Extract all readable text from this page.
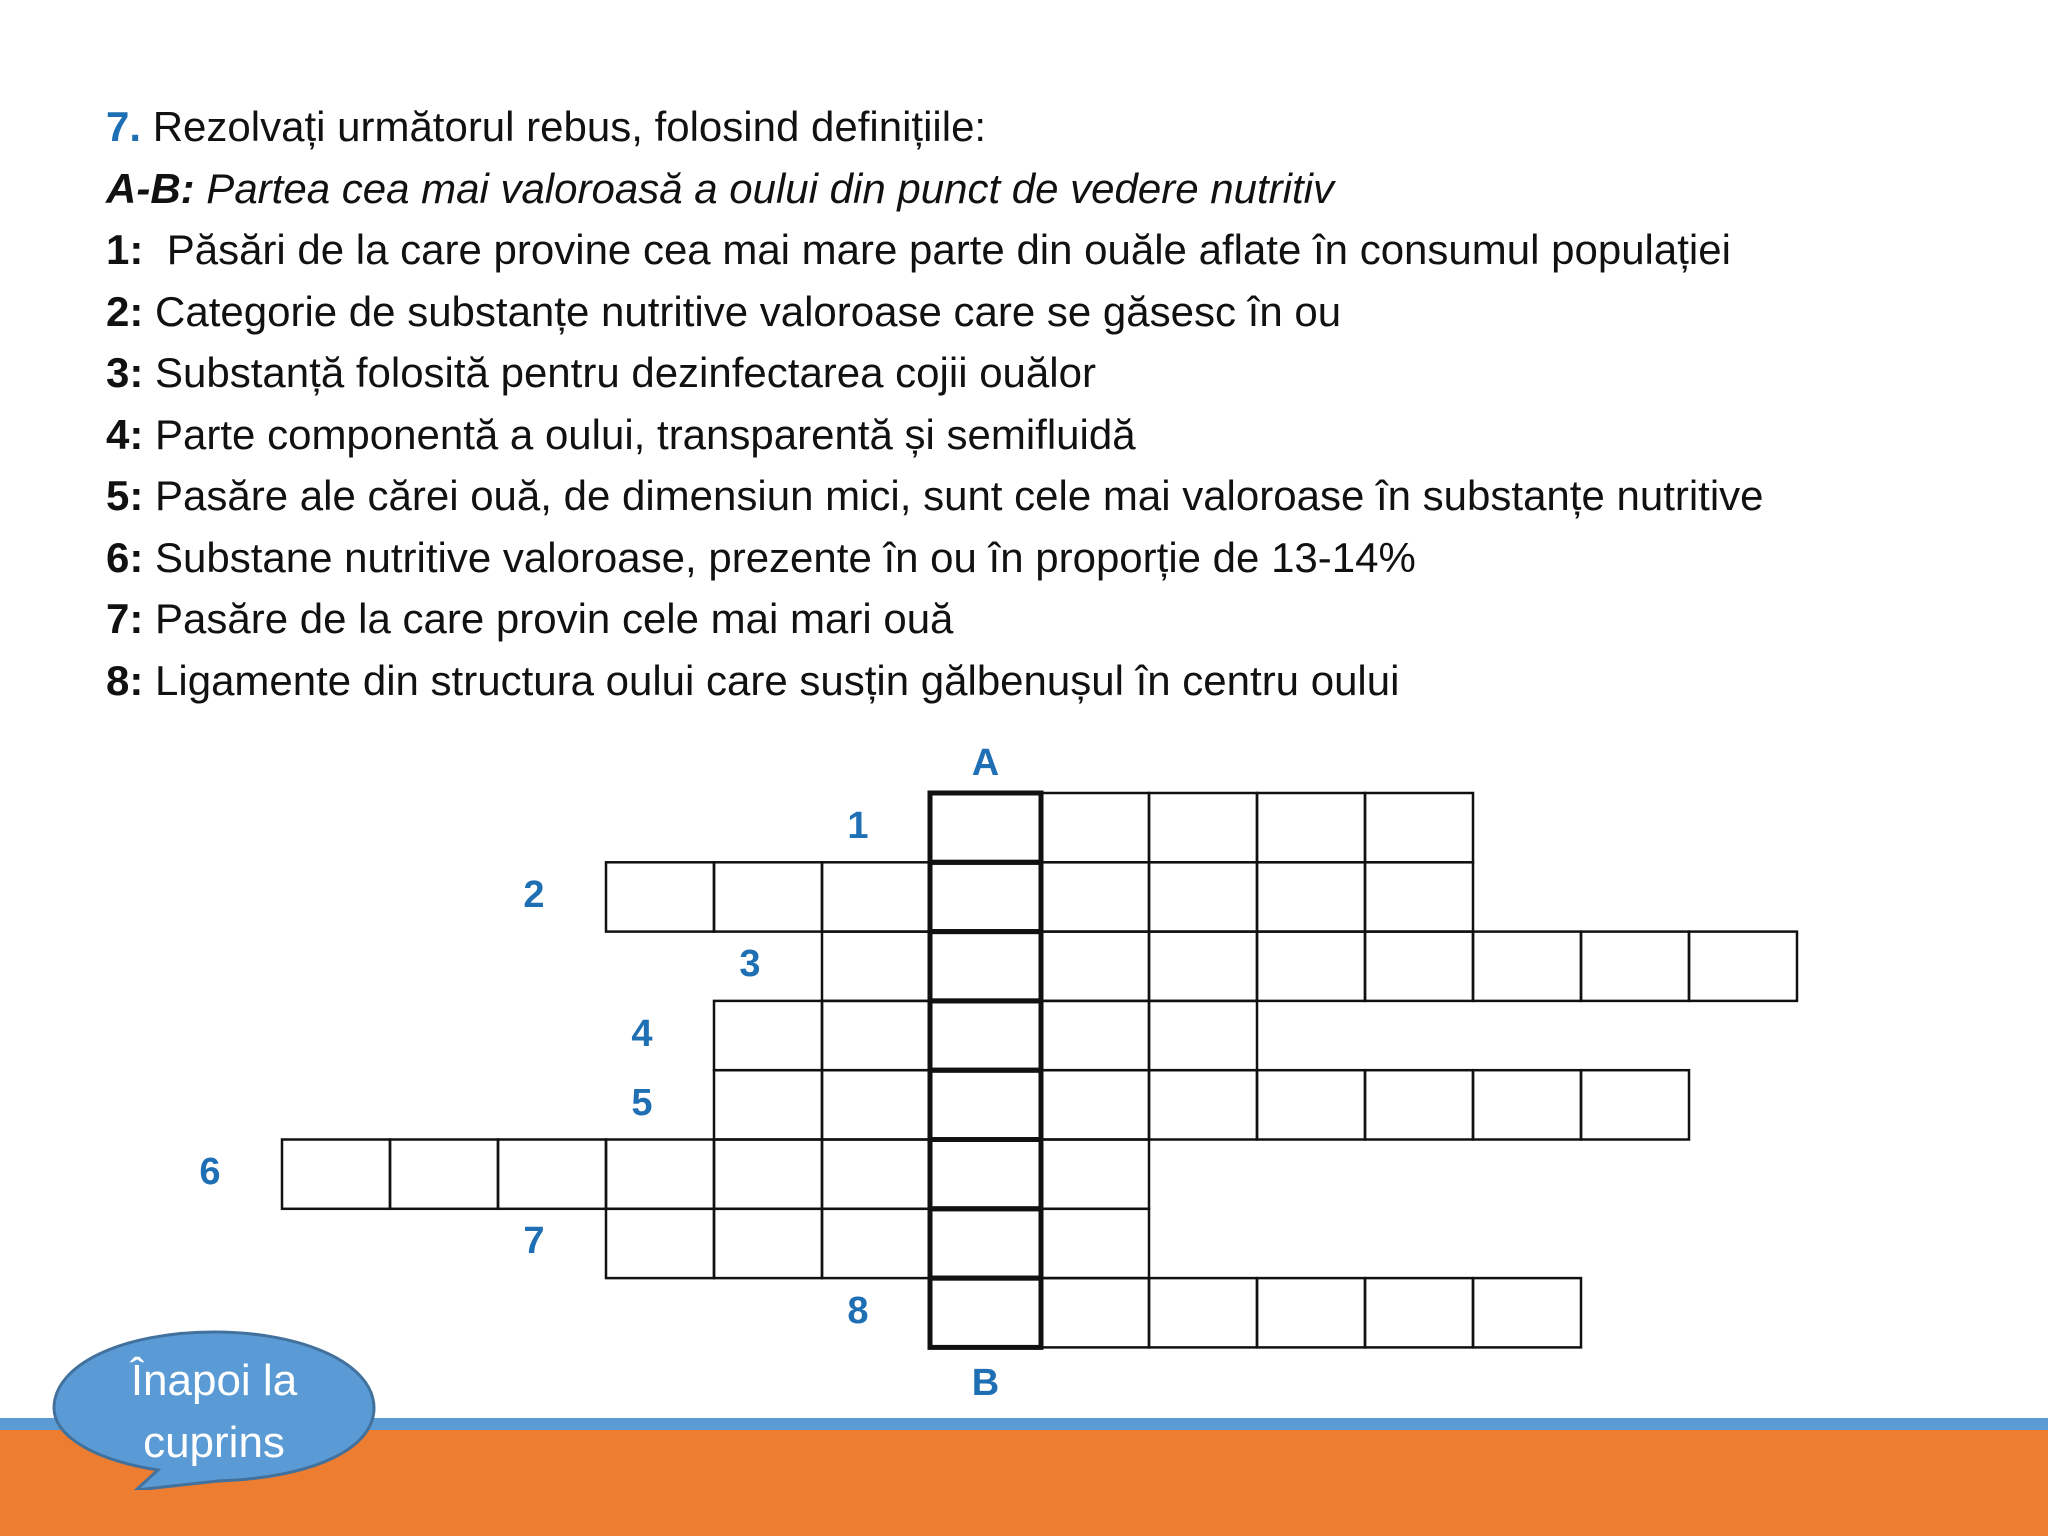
7. Rezolvați următorul rebus, folosind definițiile:
A-B: Partea cea mai valoroasă a oului din punct de vedere nutritiv
1:  Păsări de la care provine cea mai mare parte din ouăle aflate în consumul populației
2: Categorie de substanțe nutritive valoroase care se găsesc în ou
3: Substanță folosită pentru dezinfectarea cojii ouălor
4: Parte componentă a oului, transparentă și semifluidă
5: Pasăre ale cărei ouă, de dimensiun mici, sunt cele mai valoroase în substanțe nutritive
6: Substane nutritive valoroase, prezente în ou în proporție de 13-14%
7: Pasăre de la care provin cele mai mari ouă
8: Ligamente din structura oului care susțin gălbenușul în centru oului
A
B
1
2
3
4
5
6
7
8
Înapoi la
cuprins
